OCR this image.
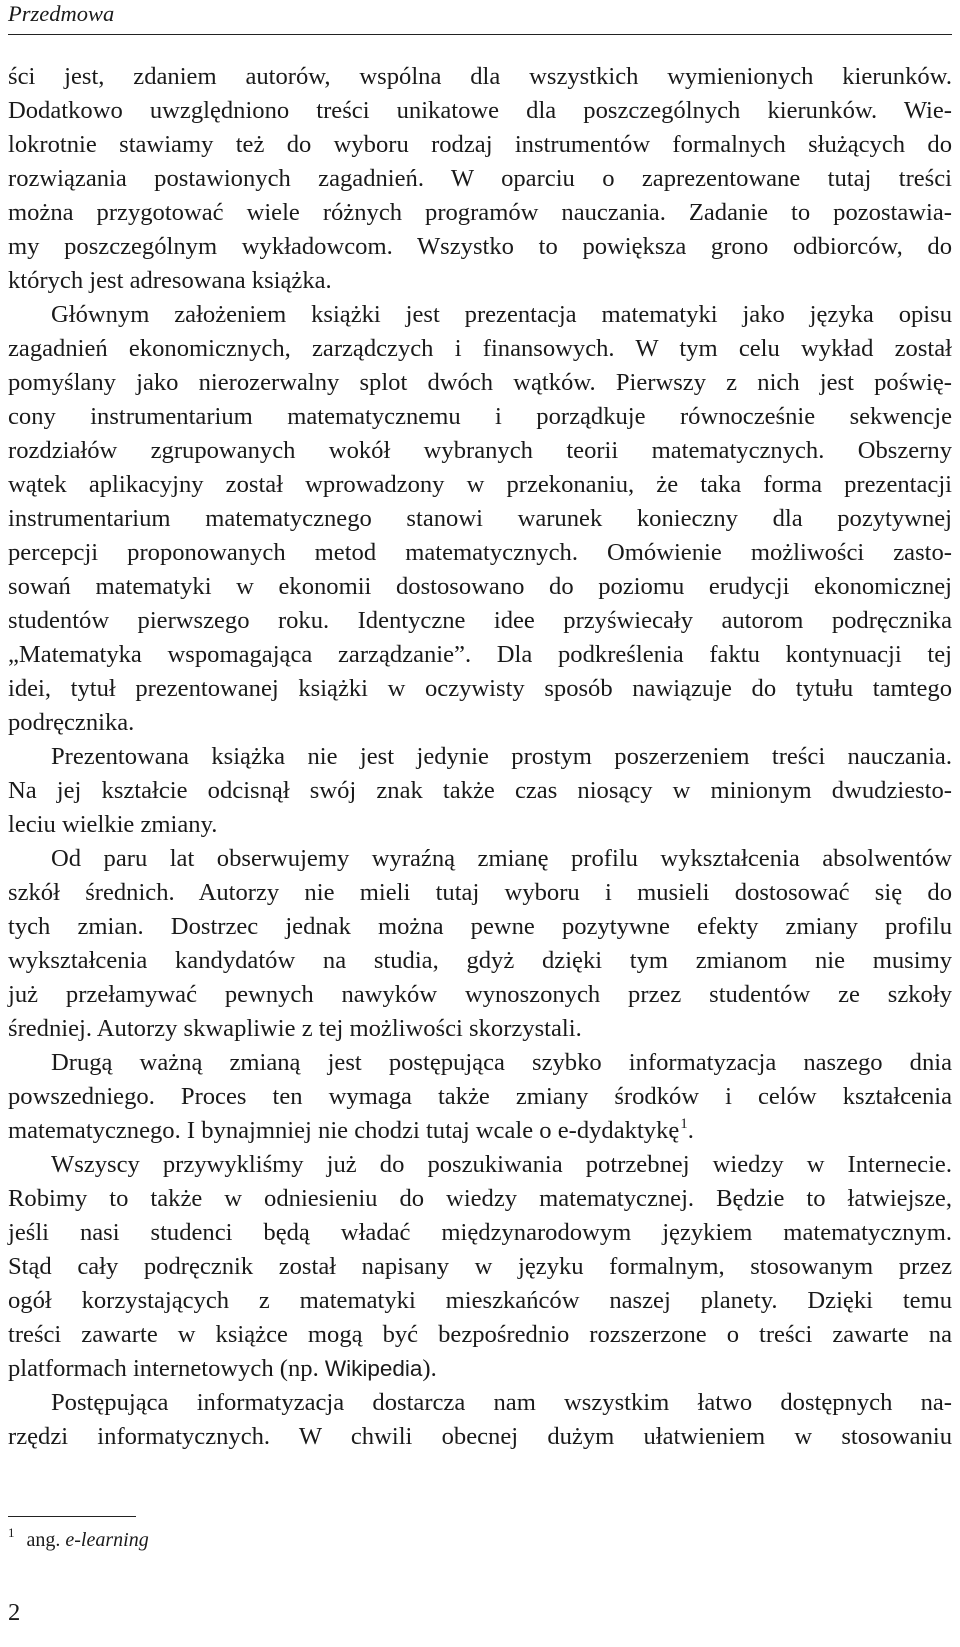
Przedmowa
ści jest, zdaniem autorów, wspólna dla wszystkich wymienionych kierunków.
Dodatkowo uwzględniono treści unikatowe dla poszczególnych kierunków. Wie-
lokrotnie stawiamy też do wyboru rodzaj instrumentów formalnych służących do
rozwiązania postawionych zagadnień. W oparciu o zaprezentowane tutaj treści
można przygotować wiele różnych programów nauczania. Zadanie to pozostawia-
my poszczególnym wykładowcom. Wszystko to powiększa grono odbiorców, do
których jest adresowana książka.
Głównym założeniem książki jest prezentacja matematyki jako języka opisu
zagadnień ekonomicznych, zarządczych i finansowych. W tym celu wykład został
pomyślany jako nierozerwalny splot dwóch wątków. Pierwszy z nich jest poświę-
cony instrumentarium matematycznemu i porządkuje równocześnie sekwencje
rozdziałów zgrupowanych wokół wybranych teorii matematycznych. Obszerny
wątek aplikacyjny został wprowadzony w przekonaniu, że taka forma prezentacji
instrumentarium matematycznego stanowi warunek konieczny dla pozytywnej
percepcji proponowanych metod matematycznych. Omówienie możliwości zasto-
sowań matematyki w ekonomii dostosowano do poziomu erudycji ekonomicznej
studentów pierwszego roku. Identyczne idee przyświecały autorom podręcznika
„Matematyka wspomagająca zarządzanie”. Dla podkreślenia faktu kontynuacji tej
idei, tytuł prezentowanej książki w oczywisty sposób nawiązuje do tytułu tamtego
podręcznika.
Prezentowana książka nie jest jedynie prostym poszerzeniem treści nauczania.
Na jej kształcie odcisnął swój znak także czas niosący w minionym dwudziesto-
leciu wielkie zmiany.
Od paru lat obserwujemy wyraźną zmianę profilu wykształcenia absolwentów
szkół średnich. Autorzy nie mieli tutaj wyboru i musieli dostosować się do
tych zmian. Dostrzec jednak można pewne pozytywne efekty zmiany profilu
wykształcenia kandydatów na studia, gdyż dzięki tym zmianom nie musimy
już przełamywać pewnych nawyków wynoszonych przez studentów ze szkoły
średniej. Autorzy skwapliwie z tej możliwości skorzystali.
Drugą ważną zmianą jest postępująca szybko informatyzacja naszego dnia
powszedniego. Proces ten wymaga także zmiany środków i celów kształcenia
matematycznego. I bynajmniej nie chodzi tutaj wcale o e-dydaktykę$^1$.
Wszyscy przywykliśmy już do poszukiwania potrzebnej wiedzy w Internecie.
Robimy to także w odniesieniu do wiedzy matematycznej. Będzie to łatwiejsze,
jeśli nasi studenci będą władać międzynarodowym językiem matematycznym.
Stąd cały podręcznik został napisany w języku formalnym, stosowanym przez
ogół korzystających z matematyki mieszkańców naszej planety. Dzięki temu
treści zawarte w książce mogą być bezpośrednio rozszerzone o treści zawarte na
platformach internetowych (np. Wikipedia).
Postępująca informatyzacja dostarcza nam wszystkim łatwo dostępnych na-
rzędzi informatycznych. W chwili obecnej dużym ułatwieniem w stosowaniu
$^1$ ang. e-learning
2
